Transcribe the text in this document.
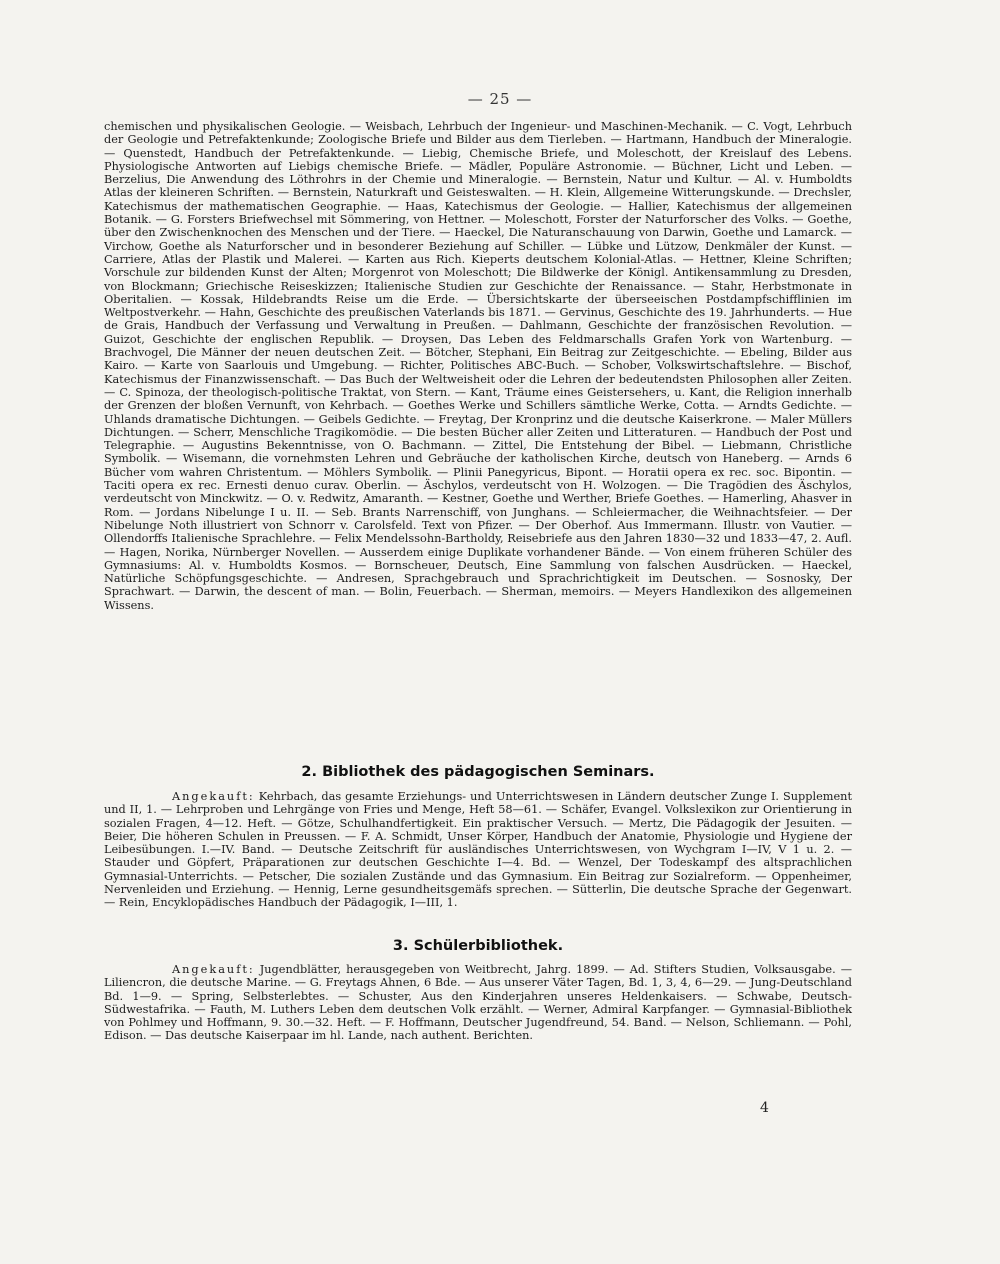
— 25 —

chemischen und physikalischen Geologie. — Weisbach, Lehrbuch der Ingenieur- und Maschinen-Mechanik. — C. Vogt, Lehrbuch der Geologie und Petrefaktenkunde; Zoologische Briefe und Bilder aus dem Tierleben. — Hartmann, Handbuch der Mineralogie. — Quenstedt, Handbuch der Petrefaktenkunde. — Liebig, Chemische Briefe, und Moleschott, der Kreislauf des Lebens. Physiologische Antworten auf Liebigs chemische Briefe. — Mädler, Populäre Astronomie. — Büchner, Licht und Leben. — Berzelius, Die Anwendung des Löthrohrs in der Chemie und Mineralogie. — Bernstein, Natur und Kultur. — Al. v. Humboldts Atlas der kleineren Schriften. — Bernstein, Naturkraft und Geisteswalten. — H. Klein, Allgemeine Witterungskunde. — Drechsler, Katechismus der mathematischen Geographie. — Haas, Katechismus der Geologie. — Hallier, Katechismus der allgemeinen Botanik. — G. Forsters Briefwechsel mit Sömmering, von Hettner. — Moleschott, Forster der Naturforscher des Volks. — Goethe, über den Zwischenknochen des Menschen und der Tiere. — Haeckel, Die Naturanschauung von Darwin, Goethe und Lamarck. — Virchow, Goethe als Naturforscher und in besonderer Beziehung auf Schiller. — Lübke und Lützow, Denkmäler der Kunst. — Carriere, Atlas der Plastik und Malerei. — Karten aus Rich. Kieperts deutschem Kolonial-Atlas. — Hettner, Kleine Schriften; Vorschule zur bildenden Kunst der Alten; Morgenrot von Moleschott; Die Bildwerke der Königl. Antikensammlung zu Dresden, von Blockmann; Griechische Reiseskizzen; Italienische Studien zur Geschichte der Renaissance. — Stahr, Herbstmonate in Oberitalien. — Kossak, Hildebrandts Reise um die Erde. — Übersichtskarte der überseeischen Postdampfschifflinien im Weltpostverkehr. — Hahn, Geschichte des preußischen Vaterlands bis 1871. — Gervinus, Geschichte des 19. Jahrhunderts. — Hue de Grais, Handbuch der Verfassung und Verwaltung in Preußen. — Dahlmann, Geschichte der französischen Revolution. — Guizot, Geschichte der englischen Republik. — Droysen, Das Leben des Feldmarschalls Grafen York von Wartenburg. — Brachvogel, Die Männer der neuen deutschen Zeit. — Bötcher, Stephani, Ein Beitrag zur Zeitgeschichte. — Ebeling, Bilder aus Kairo. — Karte von Saarlouis und Umgebung. — Richter, Politisches ABC-Buch. — Schober, Volkswirtschaftslehre. — Bischof, Katechismus der Finanzwissenschaft. — Das Buch der Weltweisheit oder die Lehren der bedeutendsten Philosophen aller Zeiten. — C. Spinoza, der theologisch-politische Traktat, von Stern. — Kant, Träume eines Geistersehers, u. Kant, die Religion innerhalb der Grenzen der bloßen Vernunft, von Kehrbach. — Goethes Werke und Schillers sämtliche Werke, Cotta. — Arndts Gedichte. — Uhlands dramatische Dichtungen. — Geibels Gedichte. — Freytag, Der Kronprinz und die deutsche Kaiserkrone. — Maler Müllers Dichtungen. — Scherr, Menschliche Tragikomödie. — Die besten Bücher aller Zeiten und Litteraturen. — Handbuch der Post und Telegraphie. — Augustins Bekenntnisse, von O. Bachmann. — Zittel, Die Entstehung der Bibel. — Liebmann, Christliche Symbolik. — Wisemann, die vornehmsten Lehren und Gebräuche der katholischen Kirche, deutsch von Haneberg. — Arnds 6 Bücher vom wahren Christentum. — Möhlers Symbolik. — Plinii Panegyricus, Bipont. — Horatii opera ex rec. soc. Bipontin. — Taciti opera ex rec. Ernesti denuo curav. Oberlin. — Äschylos, verdeutscht von H. Wolzogen. — Die Tragödien des Äschylos, verdeutscht von Minckwitz. — O. v. Redwitz, Amaranth. — Kestner, Goethe und Werther, Briefe Goethes. — Hamerling, Ahasver in Rom. — Jordans Nibelunge I u. II. — Seb. Brants Narrenschiff, von Junghans. — Schleiermacher, die Weihnachtsfeier. — Der Nibelunge Noth illustriert von Schnorr v. Carolsfeld. Text von Pfizer. — Der Oberhof. Aus Immermann. Illustr. von Vautier. — Ollendorffs Italienische Sprachlehre. — Felix Mendelssohn-Bartholdy, Reisebriefe aus den Jahren 1830—32 und 1833—47, 2. Aufl. — Hagen, Norika, Nürnberger Novellen. — Ausserdem einige Duplikate vorhandener Bände. — Von einem früheren Schüler des Gymnasiums: Al. v. Humboldts Kosmos. — Bornscheuer, Deutsch, Eine Sammlung von falschen Ausdrücken. — Haeckel, Natürliche Schöpfungsgeschichte. — Andresen, Sprachgebrauch und Sprachrichtigkeit im Deutschen. — Sosnosky, Der Sprachwart. — Darwin, the descent of man. — Bolin, Feuerbach. — Sherman, memoirs. — Meyers Handlexikon des allgemeinen Wissens.

2. Bibliothek des pädagogischen Seminars.

Angekauft: Kehrbach, das gesamte Erziehungs- und Unterrichtswesen in Ländern deutscher Zunge I. Supplement und II, 1. — Lehrproben und Lehrgänge von Fries und Menge, Heft 58—61. — Schäfer, Evangel. Volkslexikon zur Orientierung in sozialen Fragen, 4—12. Heft. — Götze, Schulhandfertigkeit. Ein praktischer Versuch. — Mertz, Die Pädagogik der Jesuiten. — Beier, Die höheren Schulen in Preussen. — F. A. Schmidt, Unser Körper, Handbuch der Anatomie, Physiologie und Hygiene der Leibesübungen. I.—IV. Band. — Deutsche Zeitschrift für ausländisches Unterrichtswesen, von Wychgram I—IV, V 1 u. 2. — Stauder und Göpfert, Präparationen zur deutschen Geschichte I—4. Bd. — Wenzel, Der Todeskampf des altsprachlichen Gymnasial-Unterrichts. — Petscher, Die sozialen Zustände und das Gymnasium. Ein Beitrag zur Sozialreform. — Oppenheimer, Nervenleiden und Erziehung. — Hennig, Lerne gesundheitsgemäfs sprechen. — Sütterlin, Die deutsche Sprache der Gegenwart. — Rein, Encyklopädisches Handbuch der Pädagogik, I—III, 1.

3. Schülerbibliothek.

Angekauft: Jugendblätter, herausgegeben von Weitbrecht, Jahrg. 1899. — Ad. Stifters Studien, Volksausgabe. — Liliencron, die deutsche Marine. — G. Freytags Ahnen, 6 Bde. — Aus unserer Väter Tagen, Bd. 1, 3, 4, 6—29. — Jung-Deutschland Bd. 1—9. — Spring, Selbsterlebtes. — Schuster, Aus den Kinderjahren unseres Heldenkaisers. — Schwabe, Deutsch-Südwestafrika. — Fauth, M. Luthers Leben dem deutschen Volk erzählt. — Werner, Admiral Karpfanger. — Gymnasial-Bibliothek von Pohlmey und Hoffmann, 9. 30.—32. Heft. — F. Hoffmann, Deutscher Jugendfreund, 54. Band. — Nelson, Schliemann. — Pohl, Edison. — Das deutsche Kaiserpaar im hl. Lande, nach authent. Berichten.

4
